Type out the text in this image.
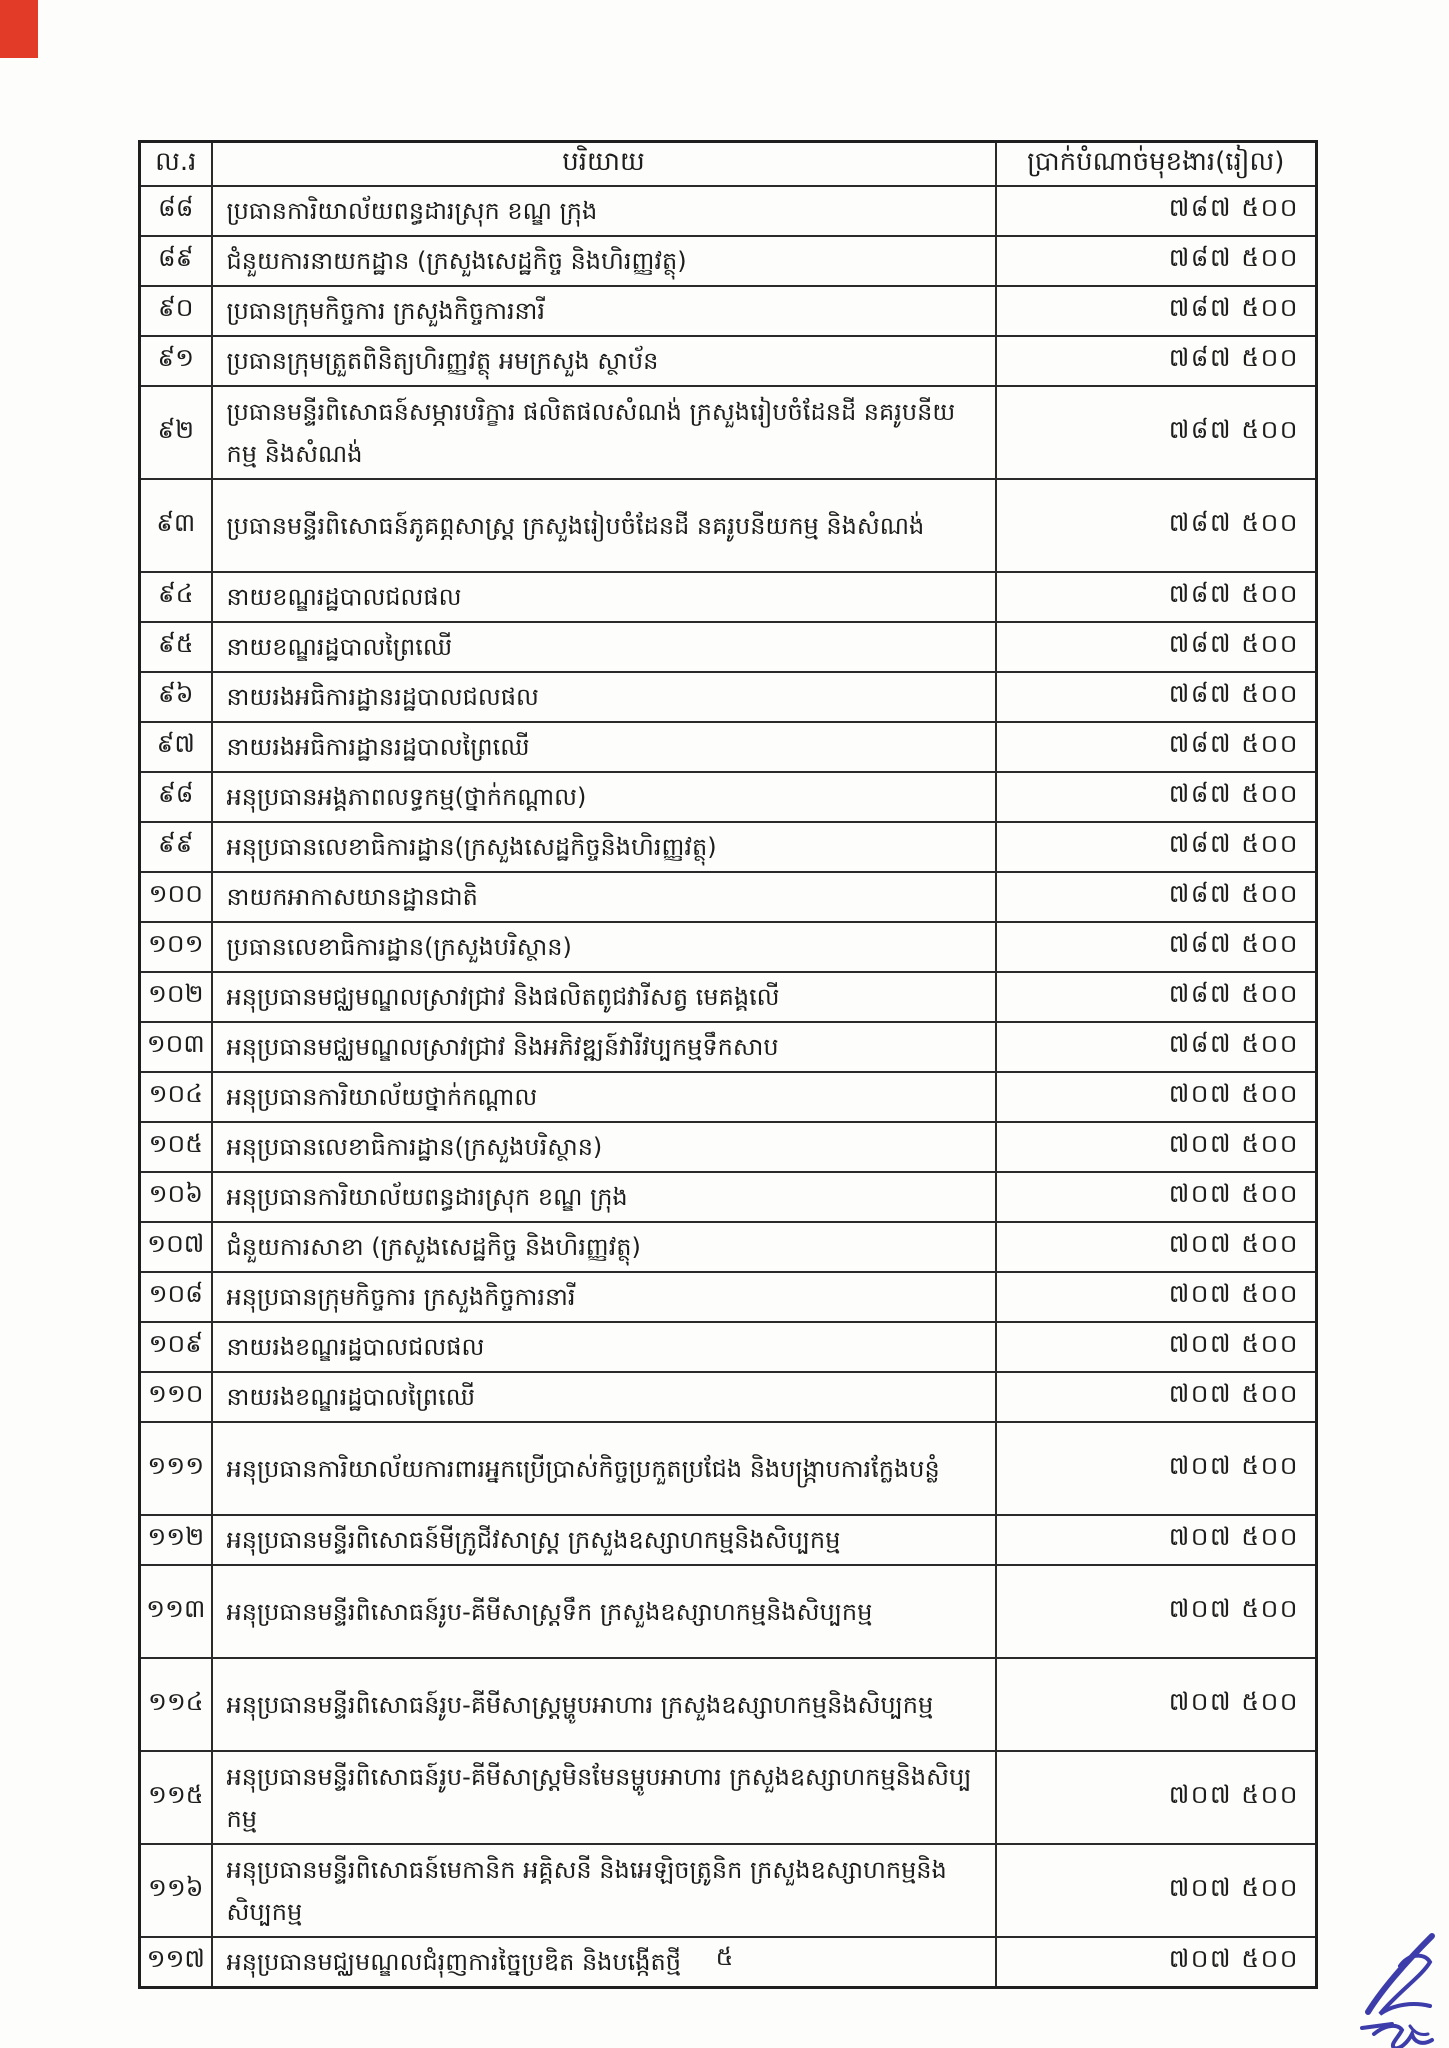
ល.រ	បរិយាយ	ប្រាក់បំណាច់មុខងារ(រៀល)
៨៨	ប្រធានការិយាល័យពន្ធដារស្រុក ខណ្ឌ ក្រុង	៧៨៧ ៥០០
៨៩	ជំនួយការនាយកដ្ឋាន (ក្រសួងសេដ្ឋកិច្ច និងហិរញ្ញវត្ថុ)	៧៨៧ ៥០០
៩០	ប្រធានក្រុមកិច្ចការ ក្រសួងកិច្ចការនារី	៧៨៧ ៥០០
៩១	ប្រធានក្រុមត្រួតពិនិត្យហិរញ្ញវត្ថុ អមក្រសួង ស្ថាប័ន	៧៨៧ ៥០០
៩២	ប្រធានមន្ទីរពិសោធន៍សម្ភារបរិក្ខារ ផលិតផលសំណង់ ក្រសួងរៀបចំដែនដី នគរូបនីយកម្ម និងសំណង់	៧៨៧ ៥០០
៩៣	ប្រធានមន្ទីរពិសោធន៍ភូគព្ភសាស្ត្រ ក្រសួងរៀបចំដែនដី នគរូបនីយកម្ម និងសំណង់	៧៨៧ ៥០០
៩៤	នាយខណ្ឌរដ្ឋបាលជលផល	៧៨៧ ៥០០
៩៥	នាយខណ្ឌរដ្ឋបាលព្រៃឈើ	៧៨៧ ៥០០
៩៦	នាយរងអធិការដ្ឋានរដ្ឋបាលជលផល	៧៨៧ ៥០០
៩៧	នាយរងអធិការដ្ឋានរដ្ឋបាលព្រៃឈើ	៧៨៧ ៥០០
៩៨	អនុប្រធានអង្គភាពលទ្ធកម្ម(ថ្នាក់កណ្តាល)	៧៨៧ ៥០០
៩៩	អនុប្រធានលេខាធិការដ្ឋាន(ក្រសួងសេដ្ឋកិច្ចនិងហិរញ្ញវត្ថុ)	៧៨៧ ៥០០
១០០	នាយកអាកាសយានដ្ឋានជាតិ	៧៨៧ ៥០០
១០១	ប្រធានលេខាធិការដ្ឋាន(ក្រសួងបរិស្ថាន)	៧៨៧ ៥០០
១០២	អនុប្រធានមជ្ឈមណ្ឌលស្រាវជ្រាវ និងផលិតពូជវារីសត្វ មេគង្គលើ	៧៨៧ ៥០០
១០៣	អនុប្រធានមជ្ឈមណ្ឌលស្រាវជ្រាវ និងអភិវឌ្ឍន៍វារីវប្បកម្មទឹកសាប	៧៨៧ ៥០០
១០៤	អនុប្រធានការិយាល័យថ្នាក់កណ្តាល	៧០៧ ៥០០
១០៥	អនុប្រធានលេខាធិការដ្ឋាន(ក្រសួងបរិស្ថាន)	៧០៧ ៥០០
១០៦	អនុប្រធានការិយាល័យពន្ធដារស្រុក ខណ្ឌ ក្រុង	៧០៧ ៥០០
១០៧	ជំនួយការសាខា (ក្រសួងសេដ្ឋកិច្ច និងហិរញ្ញវត្ថុ)	៧០៧ ៥០០
១០៨	អនុប្រធានក្រុមកិច្ចការ ក្រសួងកិច្ចការនារី	៧០៧ ៥០០
១០៩	នាយរងខណ្ឌរដ្ឋបាលជលផល	៧០៧ ៥០០
១១០	នាយរងខណ្ឌរដ្ឋបាលព្រៃឈើ	៧០៧ ៥០០
១១១	អនុប្រធានការិយាល័យការពារអ្នកប្រើប្រាស់កិច្ចប្រកួតប្រជែង និងបង្ក្រាបការក្លែងបន្លំ	៧០៧ ៥០០
១១២	អនុប្រធានមន្ទីរពិសោធន៍មីក្រូជីវសាស្ត្រ ក្រសួងឧស្សាហកម្មនិងសិប្បកម្ម	៧០៧ ៥០០
១១៣	អនុប្រធានមន្ទីរពិសោធន៍រូប-គីមីសាស្ត្រទឹក ក្រសួងឧស្សាហកម្មនិងសិប្បកម្ម	៧០៧ ៥០០
១១៤	អនុប្រធានមន្ទីរពិសោធន៍រូប-គីមីសាស្ត្រម្ហូបអាហារ ក្រសួងឧស្សាហកម្មនិងសិប្បកម្ម	៧០៧ ៥០០
១១៥	អនុប្រធានមន្ទីរពិសោធន៍រូប-គីមីសាស្ត្រមិនមែនម្ហូបអាហារ ក្រសួងឧស្សាហកម្មនិងសិប្បកម្ម	៧០៧ ៥០០
១១៦	អនុប្រធានមន្ទីរពិសោធន៍មេកានិក អគ្គិសនី និងអេឡិចត្រូនិក ក្រសួងឧស្សាហកម្មនិងសិប្បកម្ម	៧០៧ ៥០០
១១៧	អនុប្រធានមជ្ឈមណ្ឌលជំរុញការច្នៃប្រឌិត និងបង្កើតថ្មី	៧០៧ ៥០០
៥
